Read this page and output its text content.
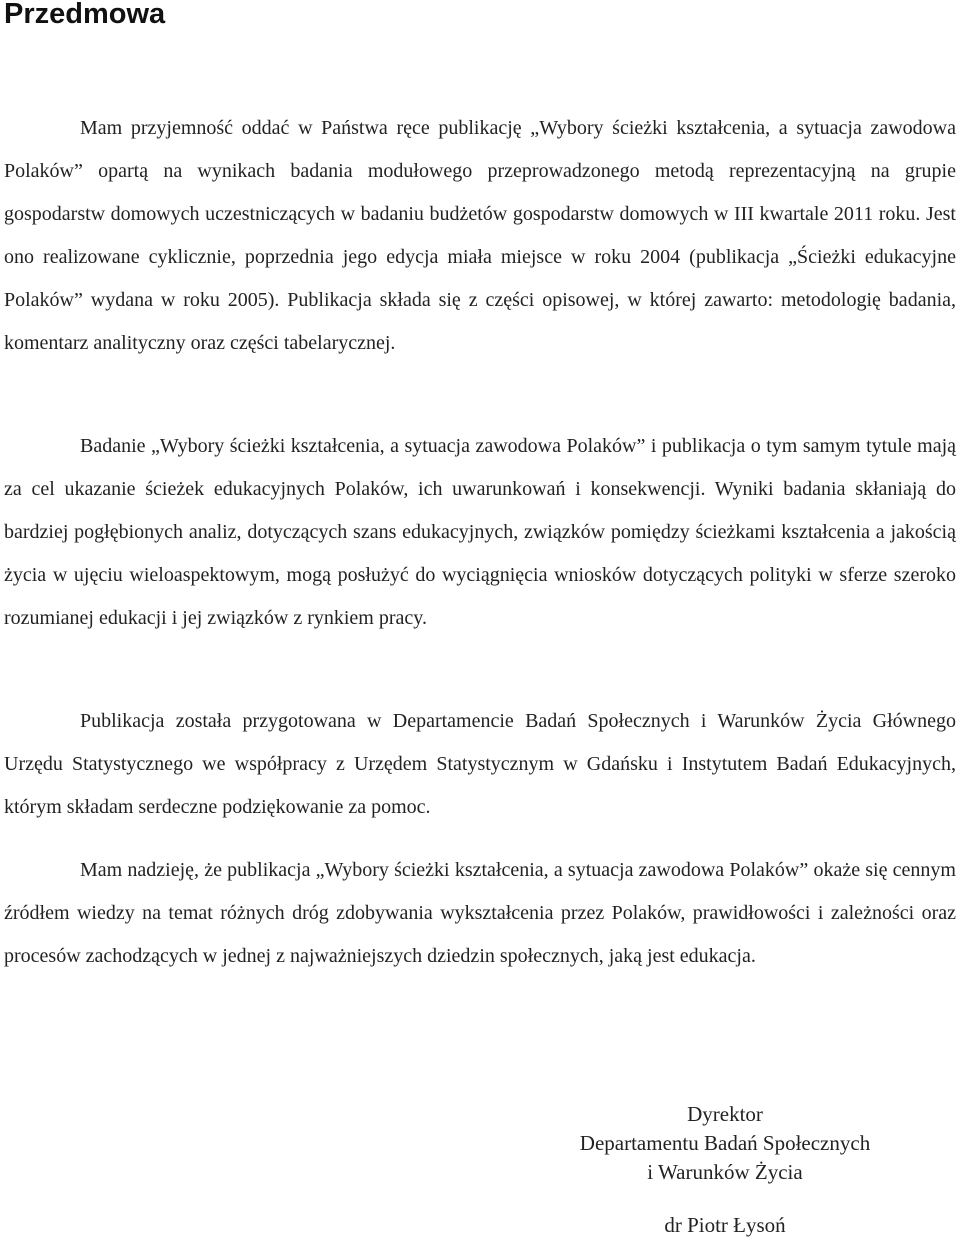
Przedmowa

Mam przyjemność oddać w Państwa ręce publikację „Wybory ścieżki kształcenia, a sytuacja zawodowa Polaków” opartą na wynikach badania modułowego przeprowadzonego metodą reprezentacyjną na grupie gospodarstw domowych uczestniczących w badaniu budżetów gospodarstw domowych w III kwartale 2011 roku. Jest ono realizowane cyklicznie, poprzednia jego edycja miała miejsce w roku 2004 (publikacja „Ścieżki edukacyjne Polaków” wydana w roku 2005). Publikacja składa się z części opisowej, w której zawarto: metodologię badania, komentarz analityczny oraz części tabelarycznej.

Badanie „Wybory ścieżki kształcenia, a sytuacja zawodowa Polaków” i publikacja o tym samym tytule mają za cel ukazanie ścieżek edukacyjnych Polaków, ich uwarunkowań i konsekwencji. Wyniki badania skłaniają do bardziej pogłębionych analiz, dotyczących szans edukacyjnych, związków pomiędzy ścieżkami kształcenia a jakością życia w ujęciu wieloaspektowym, mogą posłużyć do wyciągnięcia wniosków dotyczących polityki w sferze szeroko rozumianej edukacji i jej związków z rynkiem pracy.

Publikacja została przygotowana w Departamencie Badań Społecznych i Warunków Życia Głównego Urzędu Statystycznego we współpracy z Urzędem Statystycznym w Gdańsku i Instytutem Badań Edukacyjnych, którym składam serdeczne podziękowanie za pomoc.

Mam nadzieję, że publikacja „Wybory ścieżki kształcenia, a sytuacja zawodowa Polaków” okaże się cennym źródłem wiedzy na temat różnych dróg zdobywania wykształcenia przez Polaków, prawidłowości i zależności oraz procesów zachodzących w jednej z najważniejszych dziedzin społecznych, jaką jest edukacja.

Dyrektor
Departamentu Badań Społecznych
i Warunków Życia
dr Piotr Łysoń
